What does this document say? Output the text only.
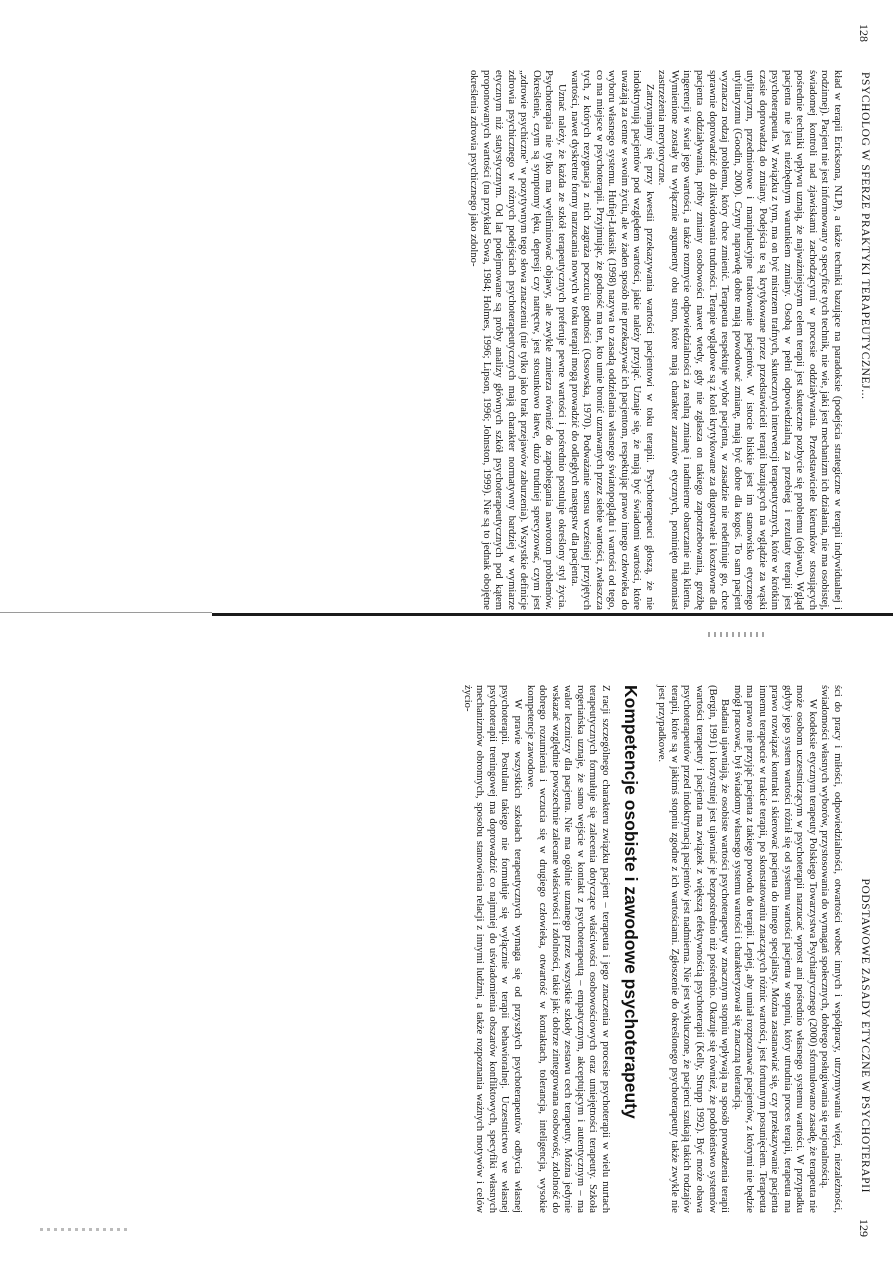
128
PSYCHOLOG W SFERZE PRAKTYKI TERAPEUTYCZNEJ...

kład w terapii Ericksona, NLP), a także techniki bazujące na paradoksie (podejścia strategiczne w terapii indywidualnej i rodzinnej). Pacjent nie jest informowany o specyfice tych technik, nie wie, jaki jest mechanizm ich działania, nie ma osobistej, świadomej kontroli nad zjawiskami zachodzącymi w procesie oddziaływania. Przedstawiciele kierunków stosujących pośrednie techniki wpływu uznają, że najważniejszym celem terapii jest skuteczne pozbycie się problemu (objawu). Wgląd pacjenta nie jest niezbędnym warunkiem zmiany. Osobą w pełni odpowiedzialną za przebieg i rezultaty terapii jest psychoterapeuta. W związku z tym, ma on być mistrzem trafnych, skutecznych interwencji terapeutycznych, które w krótkim czasie doprowadzą do zmiany. Podejścia te są krytykowane przez przedstawicieli terapii bazujących na wglądzie za wąski utylitaryzm, przedmiotowe i manipulacyjne traktowanie pacjentów. W istocie bliskie jest im stanowisko etycznego utylitaryzmu (Goodin, 2000). Czyny naprawdę dobre mają powodować zmianę, mają być dobre dla kogoś. To sam pacjent wyznacza rodzaj problemu, który chce zmienić. Terapeuta respektuje wybór pacjenta, w zasadzie nie redefiniuje go, chce sprawnie doprowadzić do zlikwidowania trudności. Terapie wglądowe są z kolei krytykowane za długotrwałe i kosztowne dla pacjenta oddziaływania, próby zmiany osobowości nawet wtedy, gdy nie zgłasza on takiego zapotrzebowania, groźbę ingerencji w świat jego wartości, a także rozmycie odpowiedzialności za realną zmianę i nadmierne obarczanie nią klienta. Wymienione zostały tu wyłącznie argumenty obu stron, które mają charakter zarzutów etycznych, pominięto natomiast zastrzeżenia merytoryczne.

Zatrzymajmy się przy kwestii przekazywania wartości pacjentowi w toku terapii. Psychoterapeuci głoszą, że nie indoktrynują pacjentów pod względem wartości, jakie należy przyjąć. Uznaje się, że mają być świadomi wartości, które uważają za cenne w swoim życiu, ale w żaden sposób nie przekazywać ich pacjentom, respektując prawo innego człowieka do wyboru własnego systemu. Hufiej-Łukasik (1998) nazywa to zasadą oddzielania własnego światopoglądu i wartości od tego, co ma miejsce w psychoterapii. Przyjmując, że godność ma ten, kto umie bronić uznawanych przez siebie wartości, zwłaszcza tych, z których rezygnacja z nich zagraża poczuciu godności (Ossowska, 1970). Podważanie sensu wcześniej przyjętych wartości, nawet dyskretne formy narzucania nowych w toku terapii mogą prowadzić do odległych następstw dla pacjenta.

Uznać należy, że każda ze szkół terapeutycznych preferuje pewne wartości i pośrednio postuluje określony styl życia. Psychoterapia nie tylko ma wyeliminować objawy, ale zwykle zmierza również do zapobiegania nawrotom problemów. Określenie, czym są symptomy lęku, depresji czy natręctw, jest stosunkowo łatwe, dużo trudniej sprecyzować, czym jest „zdrowie psychiczne" w pozytywnym tego słowa znaczeniu (nie tylko jako brak przejawów zaburzenia). Wszystkie definicje zdrowia psychicznego w różnych podejściach psychoterapeutycznych mają charakter normatywny bardziej w wymiarze etycznym niż statystycznym. Od lat podejmowane są próby analizy głównych szkół psychoterapeutycznych pod kątem proponowanych wartości (na przykład Sowa, 1984; Holmes, 1996; Lipson, 1996; Johnston, 1999). Nie są to jednak obojętne określenia zdrowia psychicznego jako zdolno-

PODSTAWOWE ZASADY ETYCZNE W PSYCHOTERAPII
129

ści do pracy i miłości, odpowiedzialności, otwartości wobec innych i współpracy, utrzymywania więzi, niezależności, świadomości własnych wyborów, przystosowania do wymagań społecznych, dobrego posługiwania się racjonalnością.

W kodeksie etycznym terapeuty Polskiego Towarzystwa Psychiatrycznego (2000) sformułowano zasadę, że terapeuta nie może osobom uczestniczącym w psychoterapii narzucać wprost ani pośrednio własnego systemu wartości. W przypadku gdyby jego system wartości różnił się od systemu wartości pacjenta w stopniu, który utrudnia proces terapii, terapeuta ma prawo rozwiązać kontrakt i skierować pacjenta do innego specjalisty. Można zastanawiać się, czy przekazywanie pacjenta innemu terapeucie w trakcie terapii, po skonstatowaniu znaczących różnic wartości, jest fortunnym posunięciem. Terapeuta ma prawo nie przyjąć pacjenta z takiego powodu do terapii. Lepiej, aby umiał rozpoznawać pacjentów, z którymi nie będzie mógł pracować, był świadomy własnego systemu wartości i charakteryzował się znaczną tolerancją.

Badania ujawniają, że osobiste wartości psychoterapeuty w znacznym stopniu wpływają na sposób prowadzenia terapii (Bergin, 1991) i korzystniej jest ujawniać je bezpośrednio niż pośrednio. Okazuje się również, że podobieństwo systemów wartości terapeuty i pacjenta ma związek z większą efektywnością psychoterapii (Kelly, Strupp 1992). Być może obawa psychoterapeutów przed indoktrynacją pacjentów jest nadmierna. Nie jest wykluczone, że pacjenci szukają takich rodzajów terapii, które są w jakimś stopniu zgodne z ich wartościami. Zgłoszenie do określonego psychoterapeuty także zwykle nie jest przypadkowe.

Kompetencje osobiste i zawodowe psychoterapeuty

Z racji szczególnego charakteru związku pacjent – terapeuta i jego znaczenia w procesie psychoterapii w wielu nurtach terapeutycznych formułuje się zalecenia dotyczące właściwości osobowościowych oraz umiejętności terapeuty. Szkoła rogeriańska uznaje, że samo wejście w kontakt z psychoterapeutą – empatycznym, akceptującym i autentycznym – ma walor leczniczy dla pacjenta. Nie ma ogólnie uznanego przez wszystkie szkoły zestawu cech terapeuty. Można jedynie wskazać względnie powszechnie zalecane właściwości i zdolności, takie jak: dobrze zintegrowana osobowość, zdolność do dobrego rozumienia i wczucia się w drugiego człowieka, otwartość w kontaktach, tolerancja, inteligencja, wysokie kompetencje zawodowe.

W prawie wszystkich szkołach terapeutycznych wymaga się od przyszłych psychoterapeutów odbycia własnej psychoterapii. Postulatu takiego nie formułuje się wyłącznie w terapii behawioralnej. Uczestnictwo we własnej psychoterapii treningowej ma doprowadzić co najmniej do uświadomienia obszarów konfliktowych, specyfiki własnych mechanizmów obronnych, sposobu stanowienia relacji z innymi ludźmi, a także rozpoznania ważnych motywów i celów życio-
